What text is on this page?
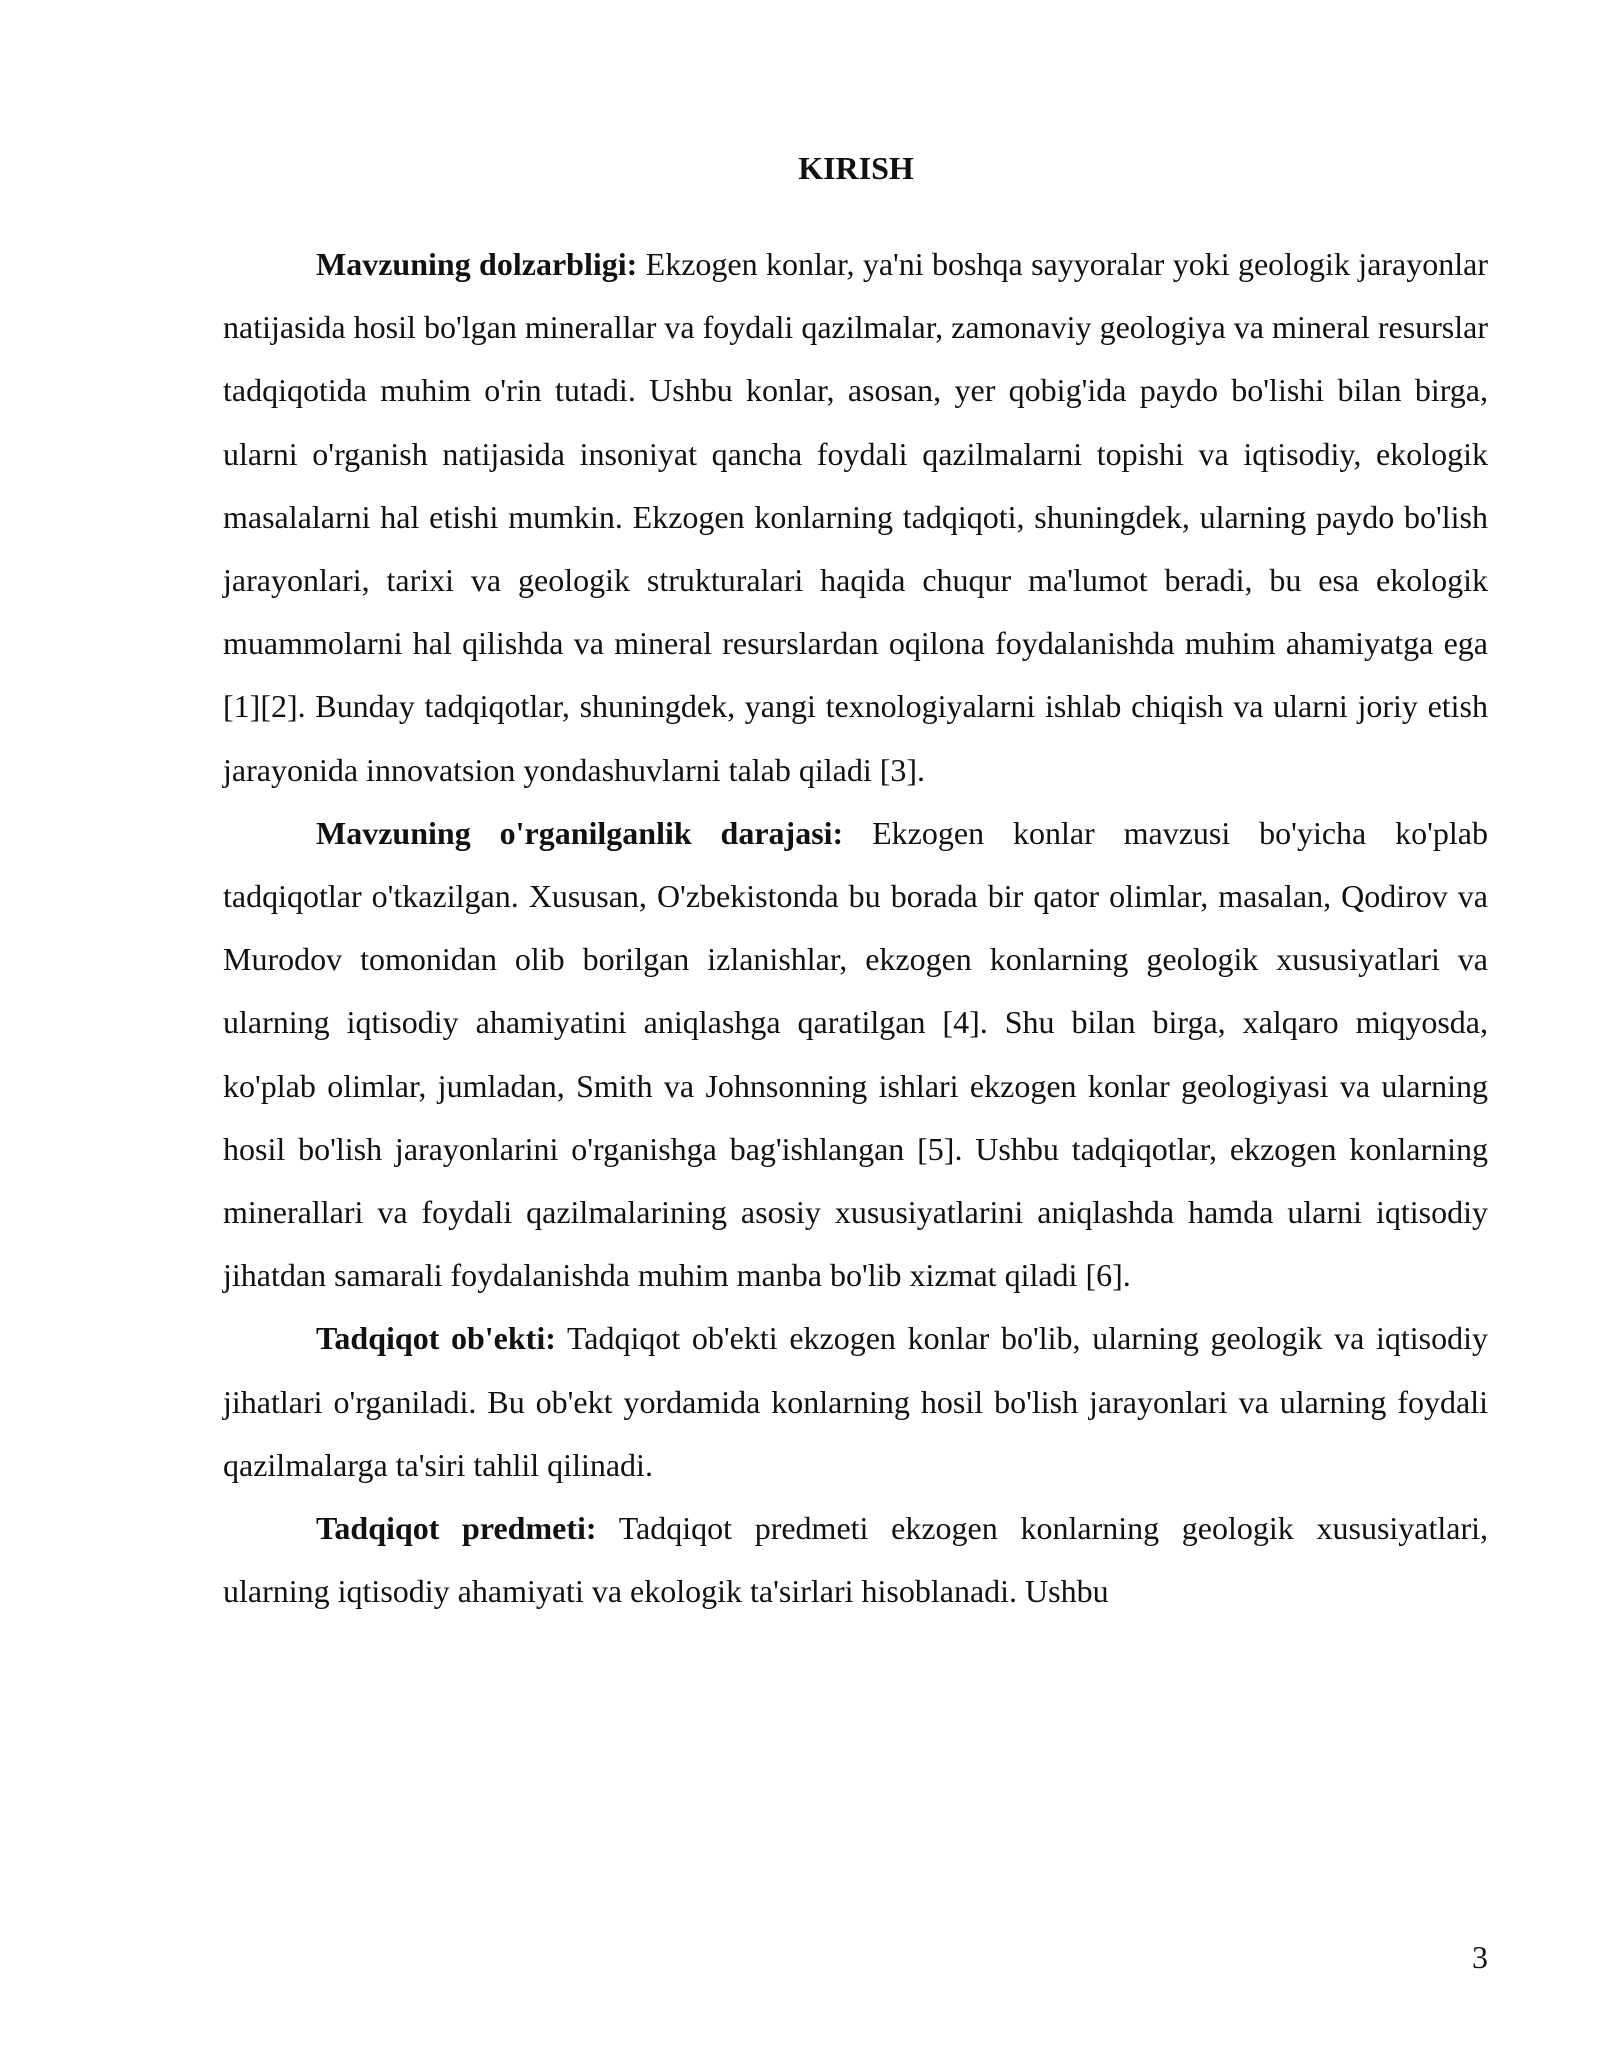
KIRISH

Mavzuning dolzarbligi: Ekzogen konlar, ya'ni boshqa sayyoralar yoki geologik jarayonlar natijasida hosil bo'lgan minerallar va foydali qazilmalar, zamonaviy geologiya va mineral resurslar tadqiqotida muhim o'rin tutadi. Ushbu konlar, asosan, yer qobig'ida paydo bo'lishi bilan birga, ularni o'rganish natijasida insoniyat qancha foydali qazilmalarni topishi va iqtisodiy, ekologik masalalarni hal etishi mumkin. Ekzogen konlarning tadqiqoti, shuningdek, ularning paydo bo'lish jarayonlari, tarixi va geologik strukturalari haqida chuqur ma'lumot beradi, bu esa ekologik muammolarni hal qilishda va mineral resurslardan oqilona foydalanishda muhim ahamiyatga ega [1][2]. Bunday tadqiqotlar, shuningdek, yangi texnologiyalarni ishlab chiqish va ularni joriy etish jarayonida innovatsion yondashuvlarni talab qiladi [3].

Mavzuning o'rganilganlik darajasi: Ekzogen konlar mavzusi bo'yicha ko'plab tadqiqotlar o'tkazilgan. Xususan, O'zbekistonda bu borada bir qator olimlar, masalan, Qodirov va Murodov tomonidan olib borilgan izlanishlar, ekzogen konlarning geologik xususiyatlari va ularning iqtisodiy ahamiyatini aniqlashga qaratilgan [4]. Shu bilan birga, xalqaro miqyosda, ko'plab olimlar, jumladan, Smith va Johnsonning ishlari ekzogen konlar geologiyasi va ularning hosil bo'lish jarayonlarini o'rganishga bag'ishlangan [5]. Ushbu tadqiqotlar, ekzogen konlarning minerallari va foydali qazilmalarining asosiy xususiyatlarini aniqlashda hamda ularni iqtisodiy jihatdan samarali foydalanishda muhim manba bo'lib xizmat qiladi [6].

Tadqiqot ob'ekti: Tadqiqot ob'ekti ekzogen konlar bo'lib, ularning geologik va iqtisodiy jihatlari o'rganiladi. Bu ob'ekt yordamida konlarning hosil bo'lish jarayonlari va ularning foydali qazilmalarga ta'siri tahlil qilinadi.

Tadqiqot predmeti: Tadqiqot predmeti ekzogen konlarning geologik xususiyatlari, ularning iqtisodiy ahamiyati va ekologik ta'sirlari hisoblanadi. Ushbu

3
